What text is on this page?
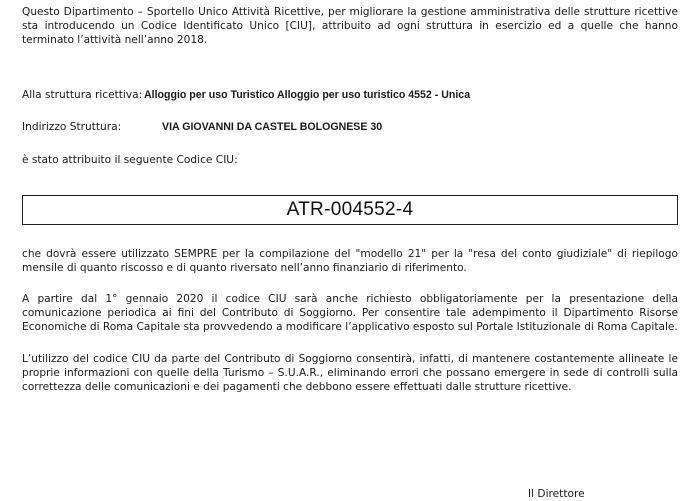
Questo Dipartimento – Sportello Unico Attività Ricettive, per migliorare la gestione amministrativa delle strutture ricettive sta introducendo un Codice Identificato Unico [CIU], attribuito ad ogni struttura in esercizio ed a quelle che hanno terminato l’attività nell’anno 2018.

Alla struttura ricettiva: Alloggio per uso Turistico Alloggio per uso turistico 4552 - Unica
Indirizzo Struttura:	VIA GIOVANNI DA CASTEL BOLOGNESE 30
è stato attribuito il seguente Codice CIU:
ATR-004552-4

che dovrà essere utilizzato SEMPRE per la compilazione del "modello 21" per la "resa del conto giudiziale" di riepilogo mensile di quanto riscosso e di quanto riversato nell’anno finanziario di riferimento.

A partire dal 1° gennaio 2020 il codice CIU sarà anche richiesto obbligatoriamente per la presentazione della comunicazione periodica ai fini del Contributo di Soggiorno. Per consentire tale adempimento il Dipartimento Risorse Economiche di Roma Capitale sta provvedendo a modificare l’applicativo esposto sul Portale Istituzionale di Roma Capitale.

L’utilizzo del codice CIU da parte del Contributo di Soggiorno consentirà, infatti, di mantenere costantemente allineate le proprie informazioni con quelle della Turismo – S.U.A.R., eliminando errori che possano emergere in sede di controlli sulla correttezza delle comunicazioni e dei pagamenti che debbono essere effettuati dalle strutture ricettive.

Il Direttore
